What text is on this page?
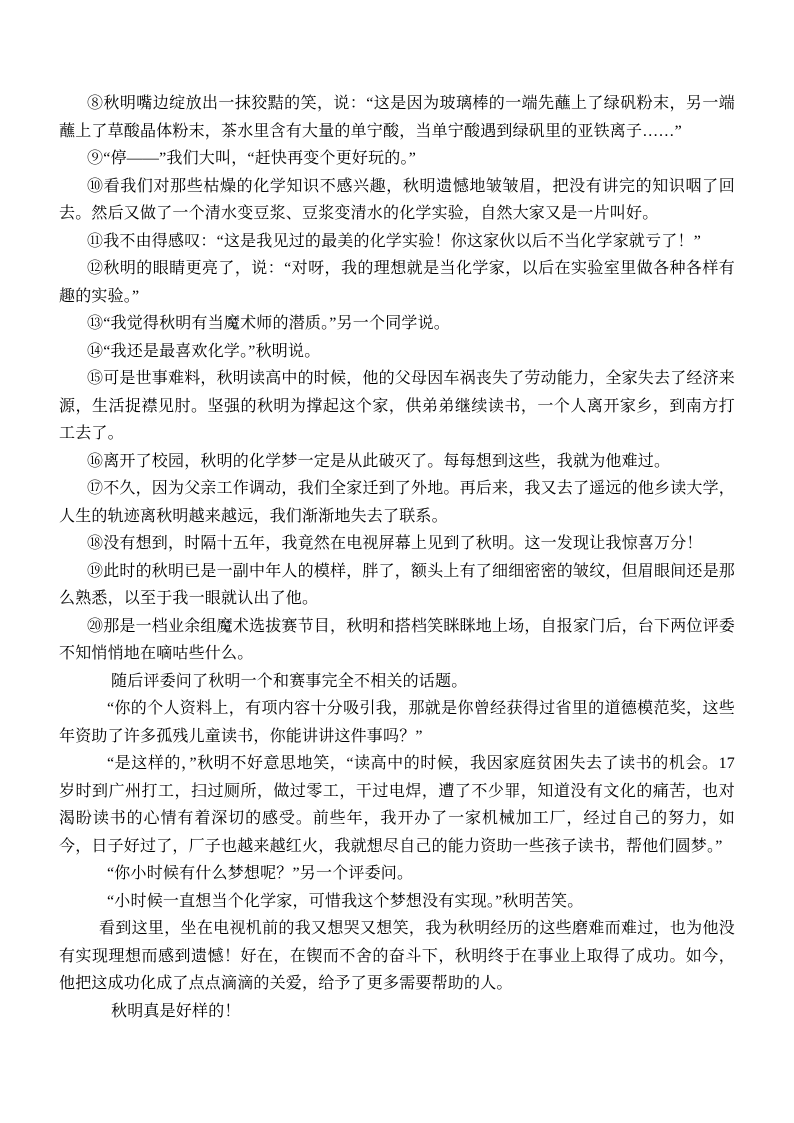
⑧秋明嘴边绽放出一抹狡黠的笑，说：“这是因为玻璃棒的一端先蘸上了绿矾粉末，另一端蘸上了草酸晶体粉末，茶水里含有大量的单宁酸，当单宁酸遇到绿矾里的亚铁离子……”

⑨“停——”我们大叫，“赶快再变个更好玩的。”

⑩看我们对那些枯燥的化学知识不感兴趣，秋明遗憾地皱皱眉，把没有讲完的知识咽了回去。然后又做了一个清水变豆浆、豆浆变清水的化学实验，自然大家又是一片叫好。

⑪我不由得感叹：“这是我见过的最美的化学实验！你这家伙以后不当化学家就亏了！”

⑫秋明的眼睛更亮了，说：“对呀，我的理想就是当化学家，以后在实验室里做各种各样有趣的实验。”

⑬“我觉得秋明有当魔术师的潜质。”另一个同学说。

⑭“我还是最喜欢化学。”秋明说。

⑮可是世事难料，秋明读高中的时候，他的父母因车祸丧失了劳动能力，全家失去了经济来源，生活捉襟见肘。坚强的秋明为撑起这个家，供弟弟继续读书，一个人离开家乡，到南方打工去了。

⑯离开了校园，秋明的化学梦一定是从此破灭了。每每想到这些，我就为他难过。

⑰不久，因为父亲工作调动，我们全家迁到了外地。再后来，我又去了遥远的他乡读大学，人生的轨迹离秋明越来越远，我们渐渐地失去了联系。

⑱没有想到，时隔十五年，我竟然在电视屏幕上见到了秋明。这一发现让我惊喜万分！

⑲此时的秋明已是一副中年人的模样，胖了，额头上有了细细密密的皱纹，但眉眼间还是那么熟悉，以至于我一眼就认出了他。

⑳那是一档业余组魔术选拔赛节目，秋明和搭档笑眯眯地上场，自报家门后，台下两位评委不知悄悄地在嘀咕些什么。

随后评委问了秋明一个和赛事完全不相关的话题。

“你的个人资料上，有项内容十分吸引我，那就是你曾经获得过省里的道德模范奖，这些年资助了许多孤残儿童读书，你能讲讲这件事吗？”

“是这样的，”秋明不好意思地笑，“读高中的时候，我因家庭贫困失去了读书的机会。17岁时到广州打工，扫过厕所，做过零工，干过电焊，遭了不少罪，知道没有文化的痛苦，也对渴盼读书的心情有着深切的感受。前些年，我开办了一家机械加工厂，经过自己的努力，如今，日子好过了，厂子也越来越红火，我就想尽自己的能力资助一些孩子读书，帮他们圆梦。”

“你小时候有什么梦想呢？”另一个评委问。

“小时候一直想当个化学家，可惜我这个梦想没有实现。”秋明苦笑。

看到这里，坐在电视机前的我又想哭又想笑，我为秋明经历的这些磨难而难过，也为他没有实现理想而感到遗憾！好在，在锲而不舍的奋斗下，秋明终于在事业上取得了成功。如今，他把这成功化成了点点滴滴的关爱，给予了更多需要帮助的人。

秋明真是好样的！
